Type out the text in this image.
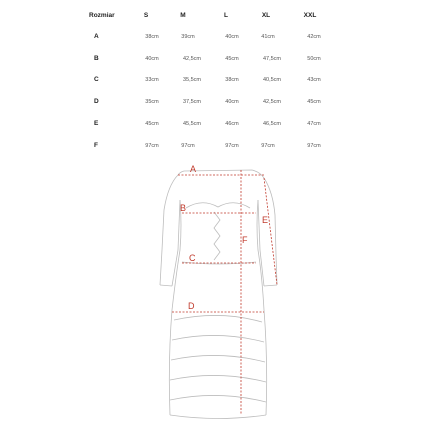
Rozmiar	S	M	L	XL	XXL
A	38cm	39cm	40cm	41cm	42cm
B	40cm	42,5cm	45cm	47,5cm	50cm
C	33cm	35,5cm	38cm	40,5cm	43cm
D	35cm	37,5cm	40cm	42,5cm	45cm
E	45cm	45,5cm	46cm	46,5cm	47cm
F	97cm	97cm	97cm	97cm	97cm
A
B
C
D
E
F
